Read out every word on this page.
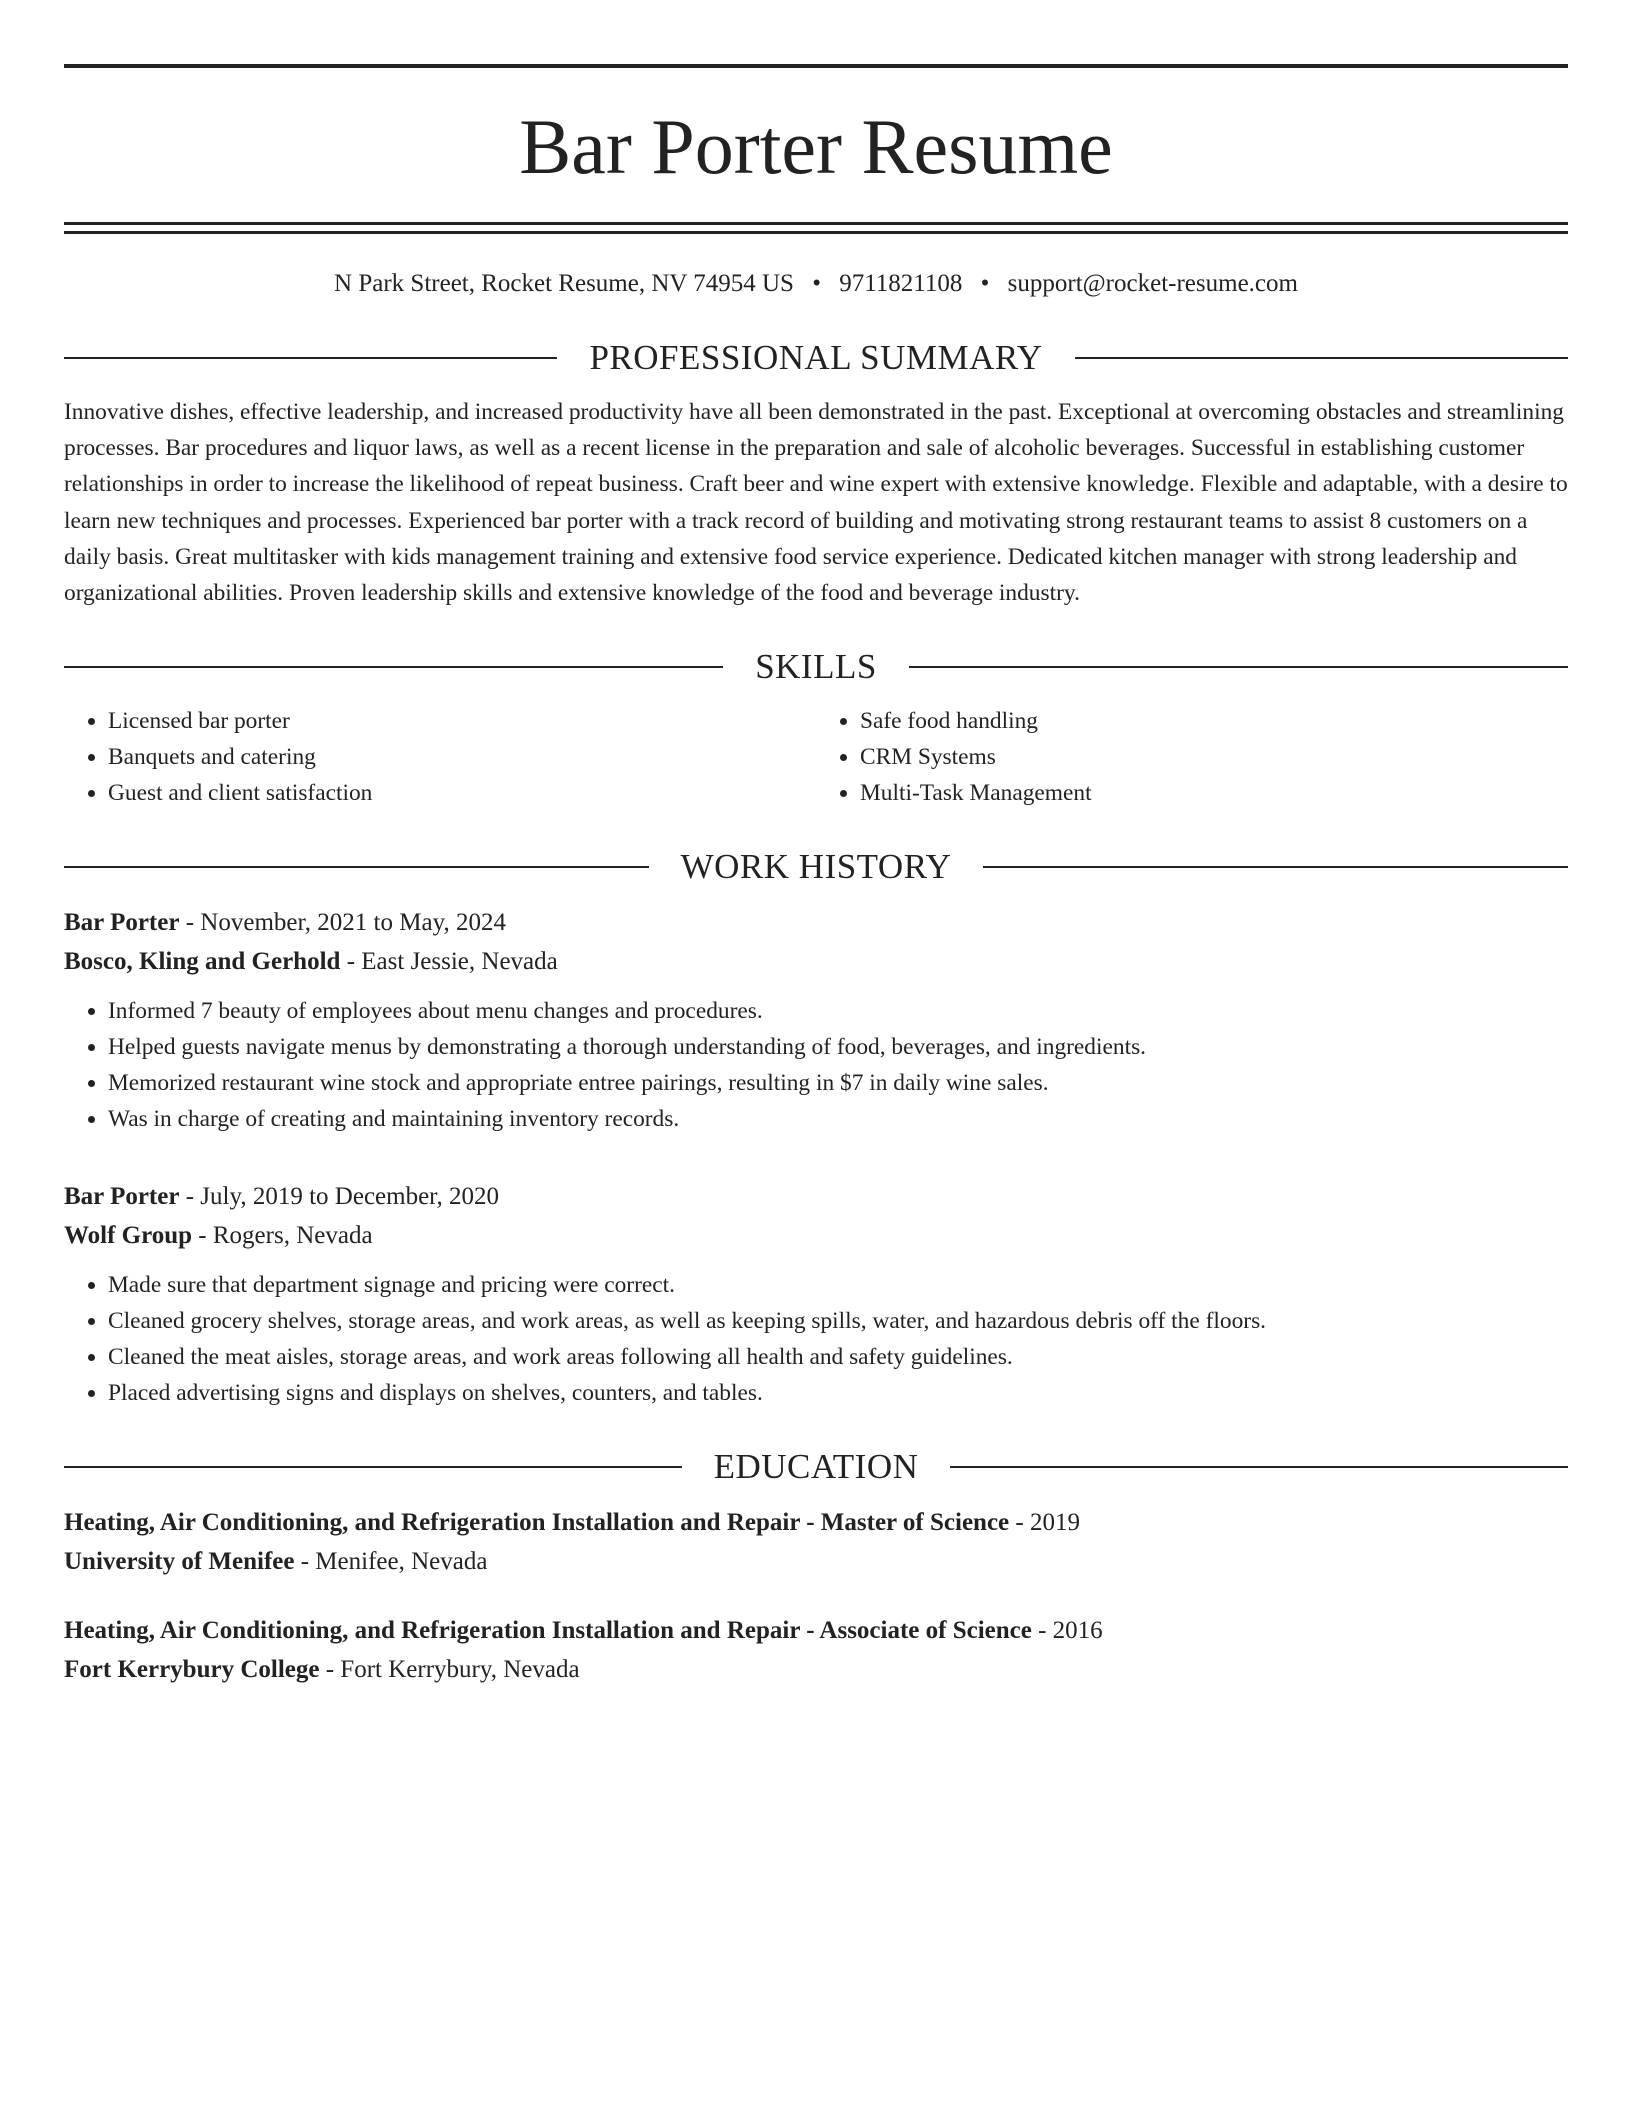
Bar Porter Resume
N Park Street, Rocket Resume, NV 74954 US • 9711821108 • support@rocket-resume.com
PROFESSIONAL SUMMARY

Innovative dishes, effective leadership, and increased productivity have all been demonstrated in the past. Exceptional at overcoming obstacles and streamlining processes. Bar procedures and liquor laws, as well as a recent license in the preparation and sale of alcoholic beverages. Successful in establishing customer relationships in order to increase the likelihood of repeat business. Craft beer and wine expert with extensive knowledge. Flexible and adaptable, with a desire to learn new techniques and processes. Experienced bar porter with a track record of building and motivating strong restaurant teams to assist 8 customers on a daily basis. Great multitasker with kids management training and extensive food service experience. Dedicated kitchen manager with strong leadership and organizational abilities. Proven leadership skills and extensive knowledge of the food and beverage industry.

SKILLS
• Licensed bar porter
• Banquets and catering
• Guest and client satisfaction
• Safe food handling
• CRM Systems
• Multi-Task Management
WORK HISTORY
Bar Porter - November, 2021 to May, 2024
Bosco, Kling and Gerhold - East Jessie, Nevada
• Informed 7 beauty of employees about menu changes and procedures.
• Helped guests navigate menus by demonstrating a thorough understanding of food, beverages, and ingredients.
• Memorized restaurant wine stock and appropriate entree pairings, resulting in $7 in daily wine sales.
• Was in charge of creating and maintaining inventory records.
Bar Porter - July, 2019 to December, 2020
Wolf Group - Rogers, Nevada
• Made sure that department signage and pricing were correct.
• Cleaned grocery shelves, storage areas, and work areas, as well as keeping spills, water, and hazardous debris off the floors.
• Cleaned the meat aisles, storage areas, and work areas following all health and safety guidelines.
• Placed advertising signs and displays on shelves, counters, and tables.
EDUCATION
Heating, Air Conditioning, and Refrigeration Installation and Repair - Master of Science - 2019
University of Menifee - Menifee, Nevada
Heating, Air Conditioning, and Refrigeration Installation and Repair - Associate of Science - 2016
Fort Kerrybury College - Fort Kerrybury, Nevada
